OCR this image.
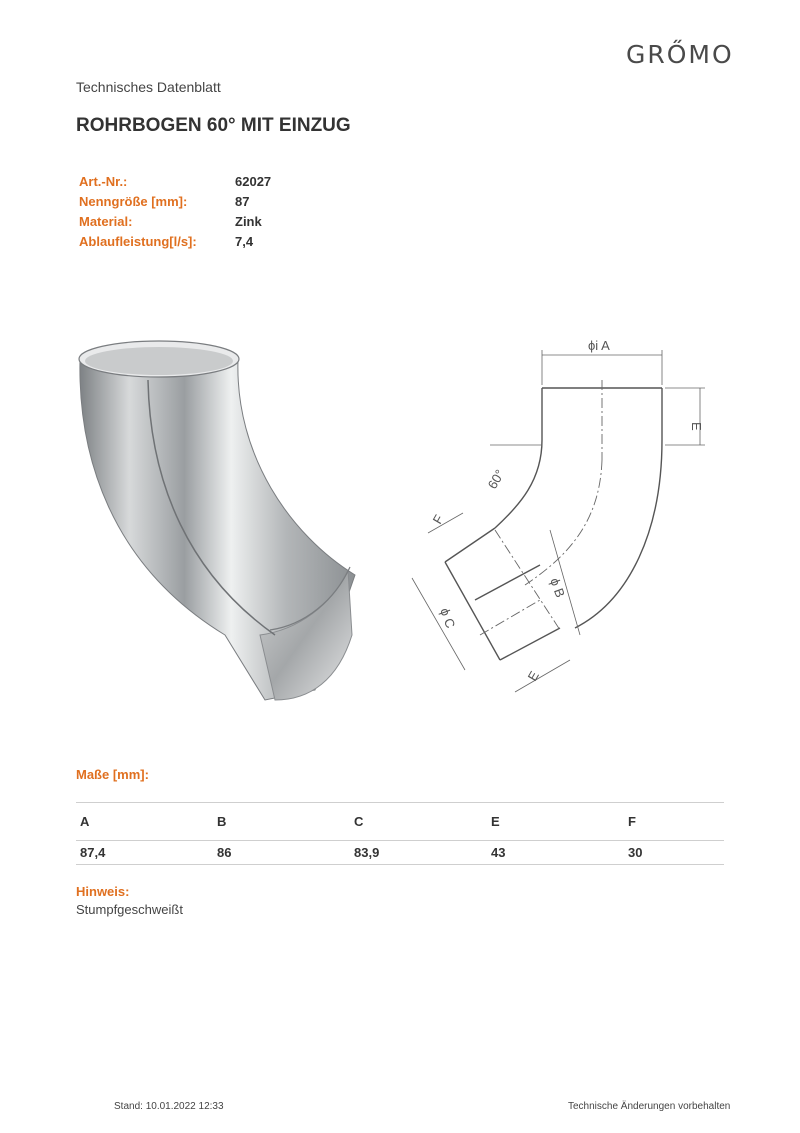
GRŐMO
Technisches Datenblatt
ROHRBOGEN 60° MIT EINZUG
Art.-Nr.:	62027
Nenngröße [mm]:	87
Material:	Zink
Ablaufleistung[l/s]:	7,4
ϕi A
E
60°
F
ϕ B
ϕ C
E
Maße [mm]:
A	B	C	E	F
87,4	86	83,9	43	30
Hinweis:
Stumpfgeschweißt
Stand: 10.01.2022 12:33	Technische Änderungen vorbehalten
